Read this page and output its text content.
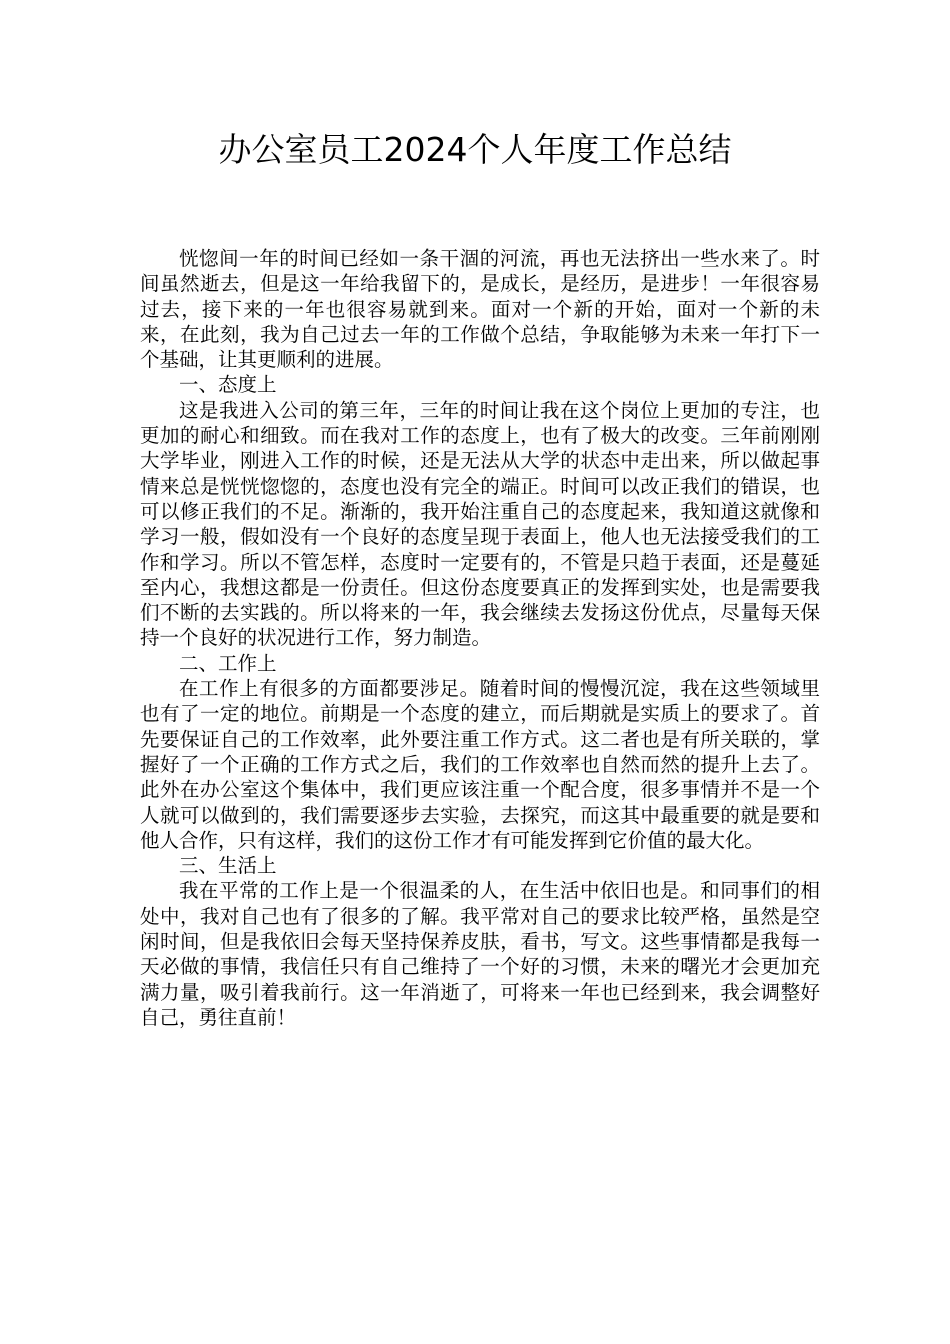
办公室员工2024个人年度工作总结

恍惚间一年的时间已经如一条干涸的河流，再也无法挤出一些水来了。时间虽然逝去，但是这一年给我留下的，是成长，是经历，是进步！一年很容易过去，接下来的一年也很容易就到来。面对一个新的开始，面对一个新的未来，在此刻，我为自己过去一年的工作做个总结，争取能够为未来一年打下一个基础，让其更顺利的进展。

一、态度上

这是我进入公司的第三年，三年的时间让我在这个岗位上更加的专注，也更加的耐心和细致。而在我对工作的态度上，也有了极大的改变。三年前刚刚大学毕业，刚进入工作的时候，还是无法从大学的状态中走出来，所以做起事情来总是恍恍惚惚的，态度也没有完全的端正。时间可以改正我们的错误，也可以修正我们的不足。渐渐的，我开始注重自己的态度起来，我知道这就像和学习一般，假如没有一个良好的态度呈现于表面上，他人也无法接受我们的工作和学习。所以不管怎样，态度时一定要有的，不管是只趋于表面，还是蔓延至内心，我想这都是一份责任。但这份态度要真正的发挥到实处，也是需要我们不断的去实践的。所以将来的一年，我会继续去发扬这份优点，尽量每天保持一个良好的状况进行工作，努力制造。

二、工作上

在工作上有很多的方面都要涉足。随着时间的慢慢沉淀，我在这些领域里也有了一定的地位。前期是一个态度的建立，而后期就是实质上的要求了。首先要保证自己的工作效率，此外要注重工作方式。这二者也是有所关联的，掌握好了一个正确的工作方式之后，我们的工作效率也自然而然的提升上去了。此外在办公室这个集体中，我们更应该注重一个配合度，很多事情并不是一个人就可以做到的，我们需要逐步去实验，去探究，而这其中最重要的就是要和他人合作，只有这样，我们的这份工作才有可能发挥到它价值的最大化。

三、生活上

我在平常的工作上是一个很温柔的人，在生活中依旧也是。和同事们的相处中，我对自己也有了很多的了解。我平常对自己的要求比较严格，虽然是空闲时间，但是我依旧会每天坚持保养皮肤，看书，写文。这些事情都是我每一天必做的事情，我信任只有自己维持了一个好的习惯，未来的曙光才会更加充满力量，吸引着我前行。这一年消逝了，可将来一年也已经到来，我会调整好自己，勇往直前！
